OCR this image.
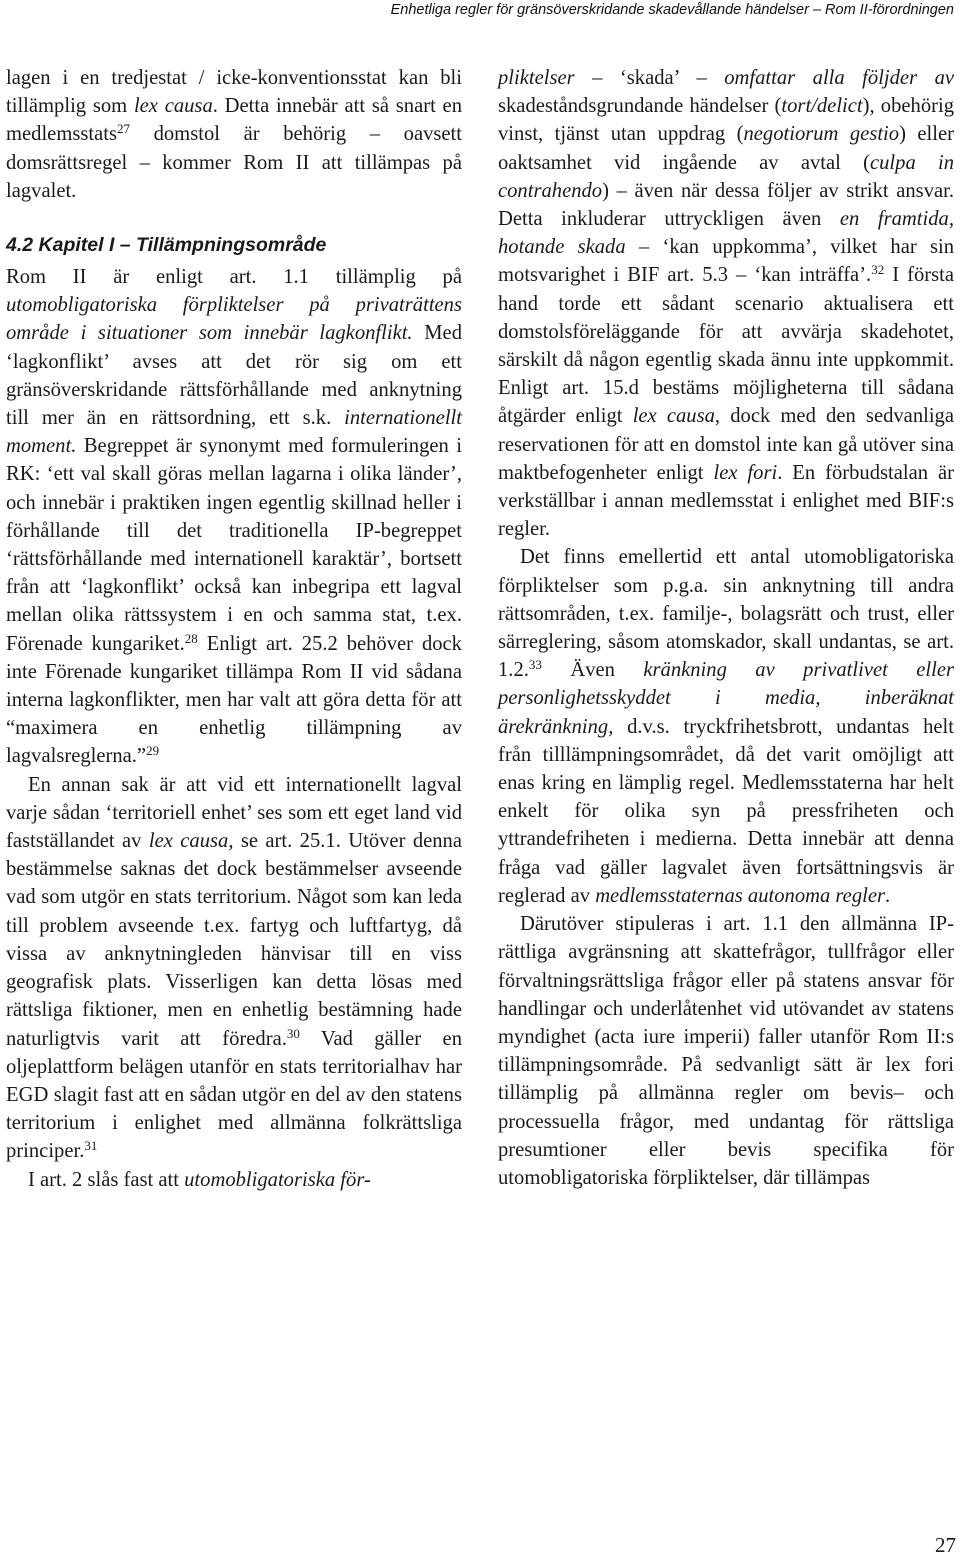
Enhetliga regler för gränsöverskridande skadevållande händelser – Rom II-förordningen

lagen i en tredjestat / icke-konventionsstat kan bli tillämplig som lex causa. Detta innebär att så snart en medlemsstats$^{27}$ domstol är behörig – oavsett domsrättsregel – kommer Rom II att tillämpas på lagvalet.

4.2 Kapitel I – Tillämpningsområde

Rom II är enligt art. 1.1 tillämplig på utomobligatoriska förpliktelser på privaträttens område i situationer som innebär lagkonflikt. Med ‘lagkonflikt’ avses att det rör sig om ett gränsöverskridande rättsförhållande med anknytning till mer än en rättsordning, ett s.k. internationellt moment. Begreppet är synonymt med formuleringen i RK: ‘ett val skall göras mellan lagarna i olika länder’, och innebär i praktiken ingen egentlig skillnad heller i förhållande till det traditionella IP-begreppet ‘rättsförhållande med internationell karaktär’, bortsett från att ‘lagkonflikt’ också kan inbegripa ett lagval mellan olika rättssystem i en och samma stat, t.ex. Förenade kungariket.$^{28}$ Enligt art. 25.2 behöver dock inte Förenade kungariket tillämpa Rom II vid sådana interna lagkonflikter, men har valt att göra detta för att “maximera en enhetlig tillämpning av lagvalsreglerna.”$^{29}$

En annan sak är att vid ett internationellt lagval varje sådan ‘territoriell enhet’ ses som ett eget land vid fastställandet av lex causa, se art. 25.1. Utöver denna bestämmelse saknas det dock bestämmelser avseende vad som utgör en stats territorium. Något som kan leda till problem avseende t.ex. fartyg och luftfartyg, då vissa av anknytningleden hänvisar till en viss geografisk plats. Visserligen kan detta lösas med rättsliga fiktioner, men en enhetlig bestämning hade naturligtvis varit att föredra.$^{30}$ Vad gäller en oljeplattform belägen utanför en stats territorialhav har EGD slagit fast att en sådan utgör en del av den statens territorium i enlighet med allmänna folkrättsliga principer.$^{31}$

I art. 2 slås fast att utomobligatoriska för-

pliktelser – ‘skada’ – omfattar alla följder av skadeståndsgrundande händelser (tort/delict), obehörig vinst, tjänst utan uppdrag (negotiorum gestio) eller oaktsamhet vid ingående av avtal (culpa in contrahendo) – även när dessa följer av strikt ansvar. Detta inkluderar uttryckligen även en framtida, hotande skada – ‘kan uppkomma’, vilket har sin motsvarighet i BIF art. 5.3 – ‘kan inträffa’.$^{32}$ I första hand torde ett sådant scenario aktualisera ett domstolsföreläggande för att avvärja skadehotet, särskilt då någon egentlig skada ännu inte uppkommit. Enligt art. 15.d bestäms möjligheterna till sådana åtgärder enligt lex causa, dock med den sedvanliga reservationen för att en domstol inte kan gå utöver sina maktbefogenheter enligt lex fori. En förbudstalan är verkställbar i annan medlemsstat i enlighet med BIF:s regler.

Det finns emellertid ett antal utomobligatoriska förpliktelser som p.g.a. sin anknytning till andra rättsområden, t.ex. familje-, bolagsrätt och trust, eller särreglering, såsom atomskador, skall undantas, se art. 1.2.33 Även kränkning av privatlivet eller personlighetsskyddet i media, inberäknat ärekränkning, d.v.s. tryckfrihetsbrott, undantas helt från tilllämpningsområdet, då det varit omöjligt att enas kring en lämplig regel. Medlemsstaterna har helt enkelt för olika syn på pressfriheten och yttrandefriheten i medierna. Detta innebär att denna fråga vad gäller lagvalet även fortsättningsvis är reglerad av medlemsstaternas autonoma regler.

Därutöver stipuleras i art. 1.1 den allmänna IP-rättliga avgränsning att skattefrågor, tullfrågor eller förvaltningsrättsliga frågor eller på statens ansvar för handlingar och underlåtenhet vid utövandet av statens myndighet (acta iure imperii) faller utanför Rom II:s tillämpningsområde. På sedvanligt sätt är lex fori tillämplig på allmänna regler om bevis– och processuella frågor, med undantag för rättsliga presumtioner eller bevis specifika för utomobligatoriska förpliktelser, där tillämpas

27
